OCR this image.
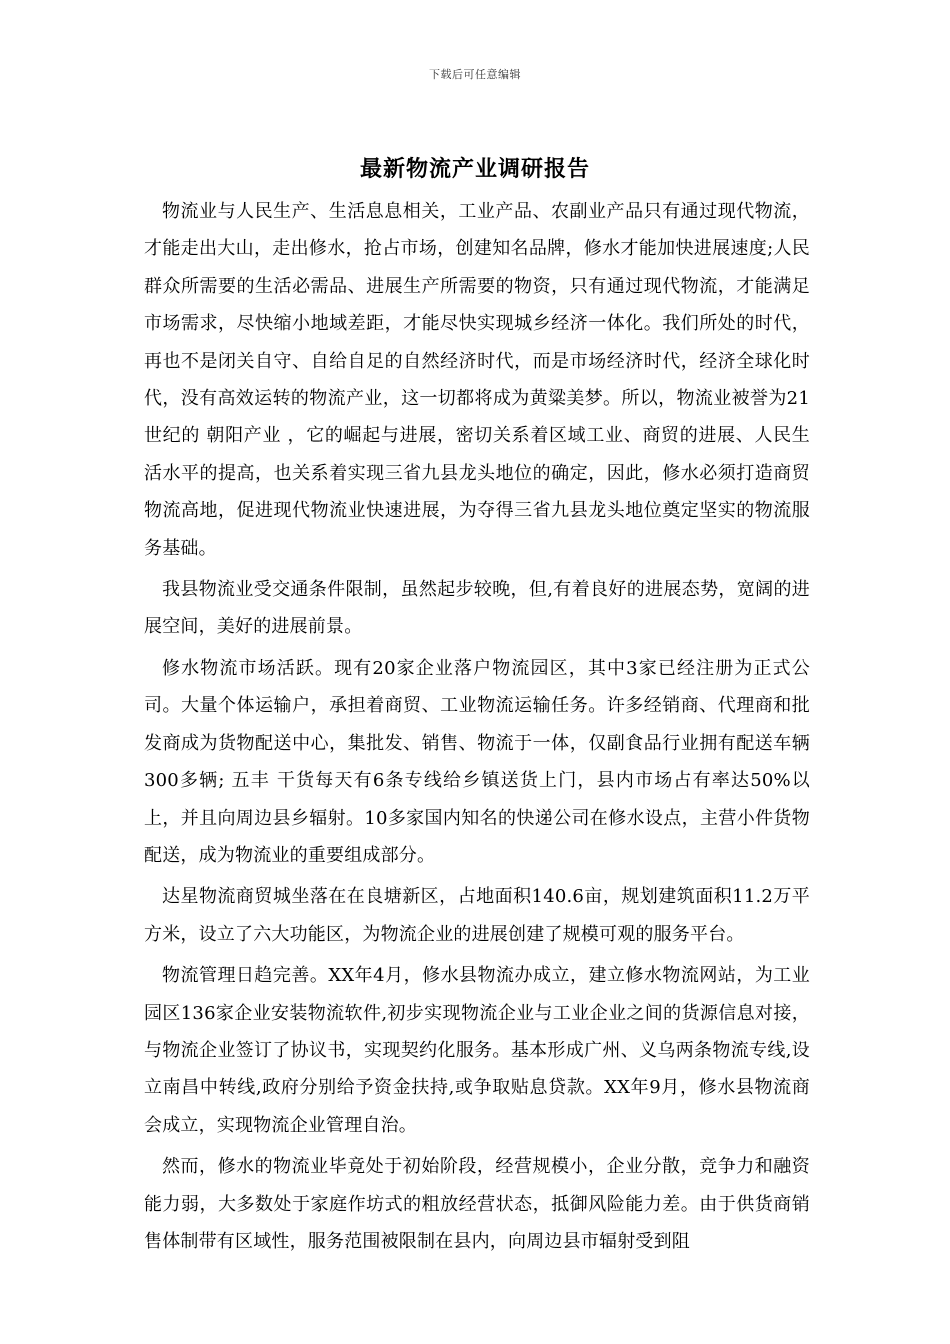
下载后可任意编辑
最新物流产业调研报告

物流业与人民生产、生活息息相关，工业产品、农副业产品只有通过现代物流，才能走出大山，走出修水，抢占市场，创建知名品牌，修水才能加快进展速度;人民群众所需要的生活必需品、进展生产所需要的物资，只有通过现代物流，才能满足市场需求，尽快缩小地域差距，才能尽快实现城乡经济一体化。我们所处的时代，再也不是闭关自守、自给自足的自然经济时代，而是市场经济时代，经济全球化时代，没有高效运转的物流产业，这一切都将成为黄粱美梦。所以，物流业被誉为21世纪的 朝阳产业 ，它的崛起与进展，密切关系着区域工业、商贸的进展、人民生活水平的提高，也关系着实现三省九县龙头地位的确定，因此，修水必须打造商贸物流高地，促进现代物流业快速进展，为夺得三省九县龙头地位奠定坚实的物流服务基础。

我县物流业受交通条件限制，虽然起步较晚，但,有着良好的进展态势，宽阔的进展空间，美好的进展前景。

修水物流市场活跃。现有20家企业落户物流园区，其中3家已经注册为正式公司。大量个体运输户，承担着商贸、工业物流运输任务。许多经销商、代理商和批发商成为货物配送中心，集批发、销售、物流于一体，仅副食品行业拥有配送车辆300多辆; 五丰 干货每天有6条专线给乡镇送货上门，县内市场占有率达50%以上，并且向周边县乡辐射。10多家国内知名的快递公司在修水设点，主营小件货物配送，成为物流业的重要组成部分。

达星物流商贸城坐落在在良塘新区，占地面积140.6亩，规划建筑面积11.2万平方米，设立了六大功能区，为物流企业的进展创建了规模可观的服务平台。

物流管理日趋完善。XX年4月，修水县物流办成立，建立修水物流网站，为工业园区136家企业安装物流软件,初步实现物流企业与工业企业之间的货源信息对接，与物流企业签订了协议书，实现契约化服务。基本形成广州、义乌两条物流专线,设立南昌中转线,政府分别给予资金扶持,或争取贴息贷款。XX年9月，修水县物流商会成立，实现物流企业管理自治。

然而，修水的物流业毕竟处于初始阶段，经营规模小，企业分散，竞争力和融资能力弱，大多数处于家庭作坊式的粗放经营状态，抵御风险能力差。由于供货商销售体制带有区域性，服务范围被限制在县内，向周边县市辐射受到阻
